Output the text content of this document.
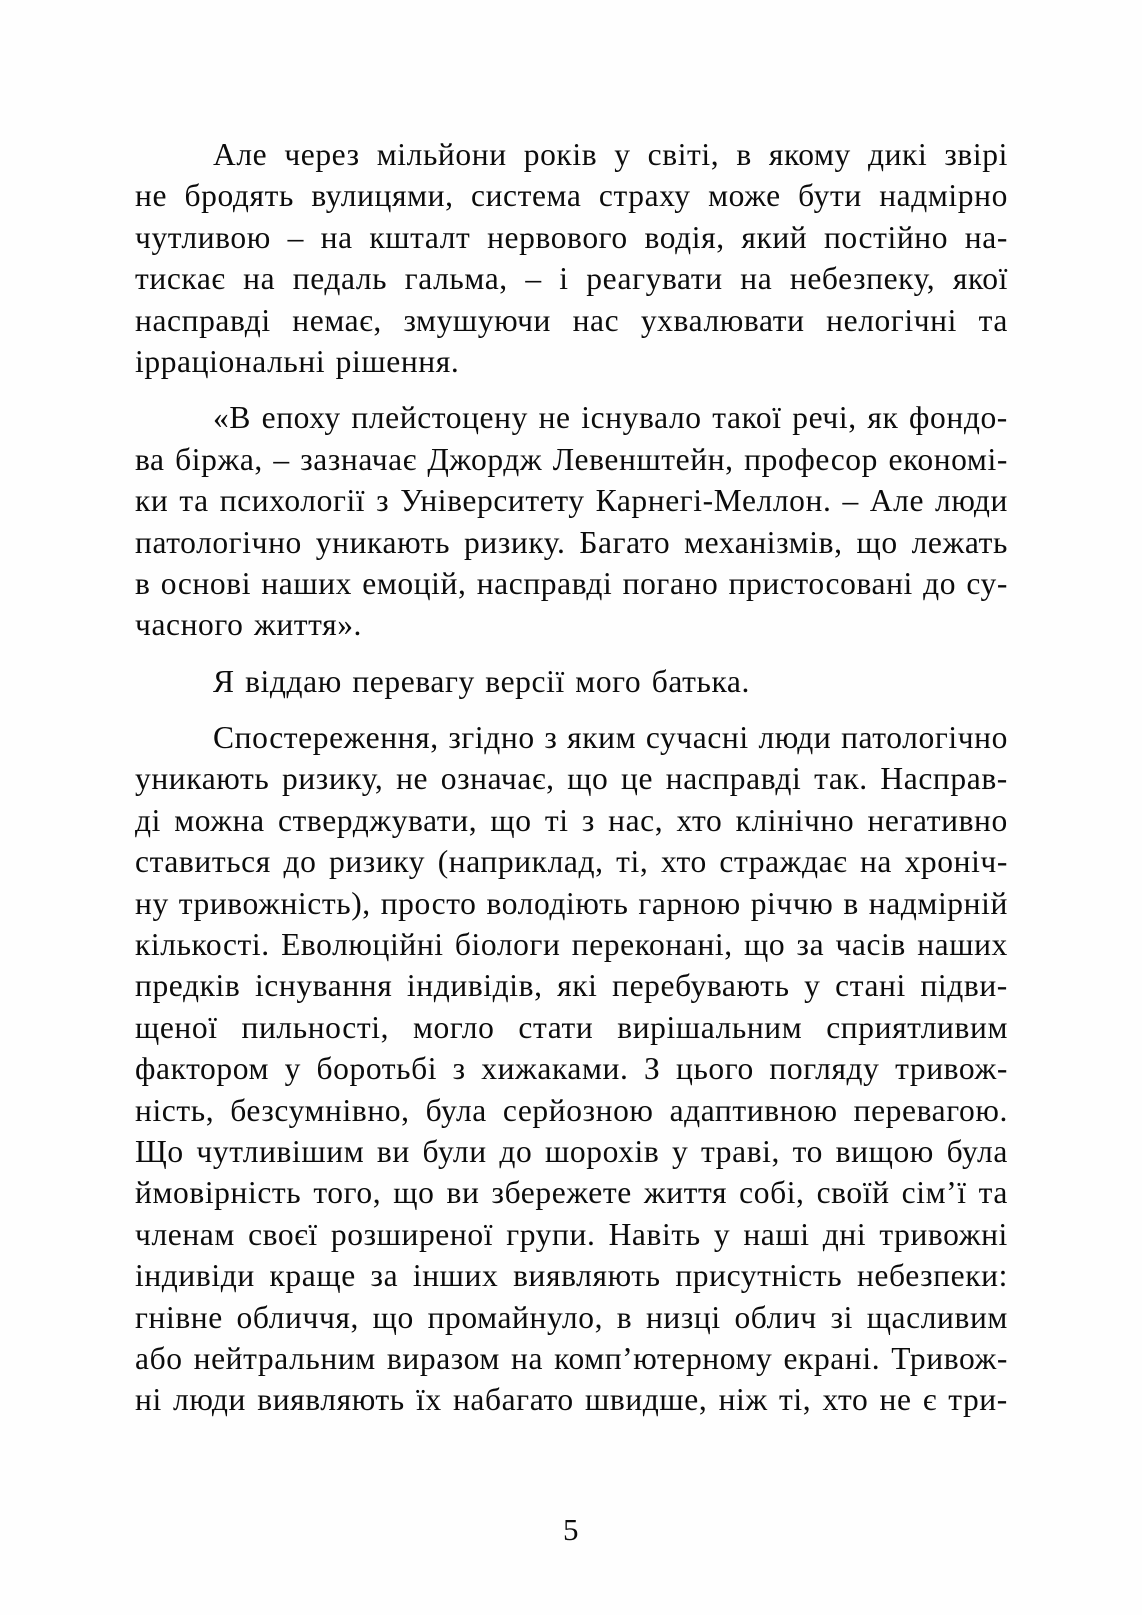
Але через мільйони років у світі, в якому дикі звірі
не бродять вулицями, система страху може бути надмірно
чутливою – на кшталт нервового водія, який постійно на-
тискає на педаль гальма, – і реагувати на небезпеку, якої
насправді немає, змушуючи нас ухвалювати нелогічні та
ірраціональні рішення.
«В епоху плейстоцену не існувало такої речі, як фондо-
ва біржа, – зазначає Джордж Левенштейн, професор економі-
ки та психології з Університету Карнегі-Меллон. – Але люди
патологічно уникають ризику. Багато механізмів, що лежать
в основі наших емоцій, насправді погано пристосовані до су-
часного життя».
Я віддаю перевагу версії мого батька.
Спостереження, згідно з яким сучасні люди патологічно
уникають ризику, не означає, що це насправді так. Насправ-
ді можна стверджувати, що ті з нас, хто клінічно негативно
ставиться до ризику (наприклад, ті, хто страждає на хроніч-
ну тривожність), просто володіють гарною річчю в надмірній
кількості. Еволюційні біологи переконані, що за часів наших
предків існування індивідів, які перебувають у стані підви-
щеної пильності, могло стати вирішальним сприятливим
фактором у боротьбі з хижаками. З цього погляду тривож-
ність, безсумнівно, була серйозною адаптивною перевагою.
Що чутливішим ви були до шорохів у траві, то вищою була
ймовірність того, що ви збережете життя собі, своїй сім’ї та
членам своєї розширеної групи. Навіть у наші дні тривожні
індивіди краще за інших виявляють присутність небезпеки:
гнівне обличчя, що промайнуло, в низці облич зі щасливим
або нейтральним виразом на комп’ютерному екрані. Тривож-
ні люди виявляють їх набагато швидше, ніж ті, хто не є три-
5
